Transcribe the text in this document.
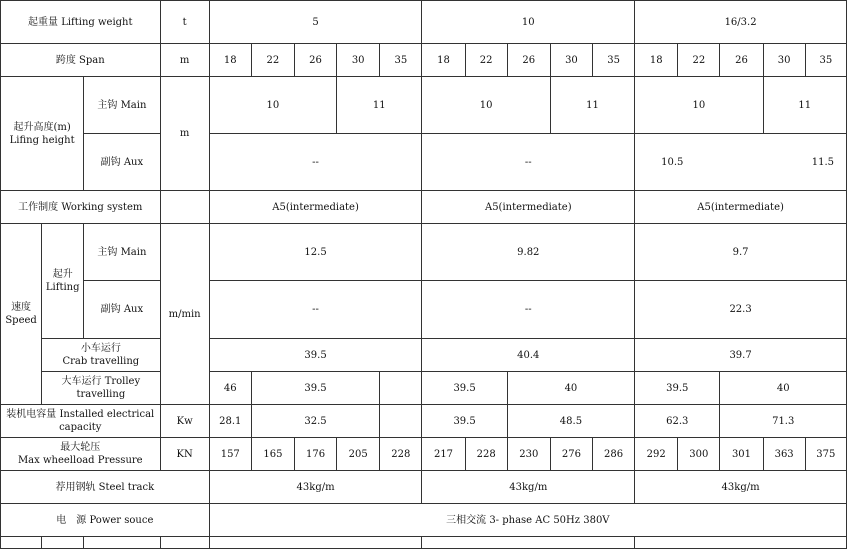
起重量 Lifting weight			t	5					10					16/3.2				
跨度 Span			m	18	22	26	30	35	18	22	26	30	35	18	22	26	30	35

起升高度(m)
Lifing height		主钩 Main	m	10			11		10			11		10			11	
		副钩 Aux		--					--					10.5 11.5				

工作制度 Working system				A5(intermediate)					A5(intermediate)					A5(intermediate)				

速度
Speed	起升
Lifting	主钩 Main	m/min	12.5					9.82					9.7				
		副钩 Aux		--					--					22.3				

	小车运行
Crab travelling			39.5					40.4					39.7				

	大车运行 Trolley
travelling			46	39.5				39.5		40			39.5		40		

装机电容量 Installed electrical
capacity			Kw	28.1	32.5				39.5		48.5			62.3		71.3		

最大轮压
Max wheelload Pressure			KN	157	165	176	205	228	217	228	230	276	286	292	300	301	363	375
荐用钢轨 Steel track				43kg/m					43kg/m					43kg/m				
电　源 Power souce				三相交流 3- phase AC 50Hz 380V														
